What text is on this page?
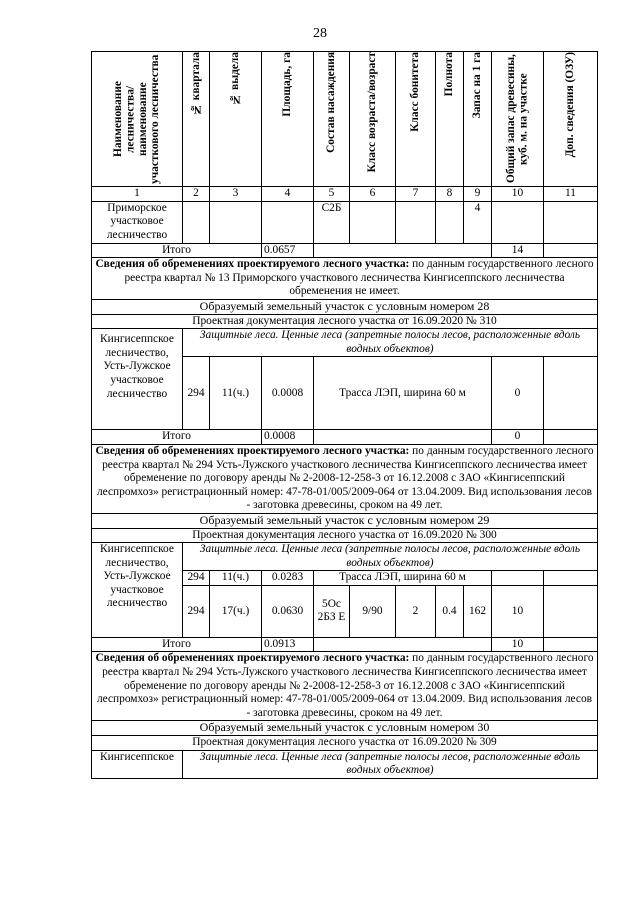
28
Наименование лесничества/ наименование участкового лесничества	№ квартала	№ выдела	Площадь, га	Состав насаждения	Класс возраста/возраст	Класс бонитета	Полнота	Запас на 1 га	Общий запас древесины, куб. м. на участке	Доп. сведения (ОЗУ)

1	2	3	4	5	6	7	8	9	10	11
Приморское участковое лесничество				С2Б				4		
Итого			0.0657						14	
Сведения об обременениях проектируемого лесного участка: по данным государственного лесного реестра квартал № 13 Приморского участкового лесничества Кингисеппского лесничества обременения не имеет.										
Образуемый земельный участок с условным номером 28										
Проектная документация лесного участка от 16.09.2020 № 310										
Кингисеппское лесничество, Усть-Лужское участковое лесничество	Защитные леса. Ценные леса (запретные полосы лесов, расположенные вдоль водных объектов)									
	294	11(ч.)	0.0008	Трасса ЛЭП, ширина 60 м					0	
Итого			0.0008						0	
Сведения об обременениях проектируемого лесного участка: по данным государственного лесного реестра квартал № 294 Усть-Лужского участкового лесничества Кингисеппского лесничества имеет обременение по договору аренды № 2-2008-12-258-3 от 16.12.2008 с ЗАО «Кингисеппский леспромхоз» регистрационный номер: 47-78-01/005/2009-064 от 13.04.2009. Вид использования лесов - заготовка древесины, сроком на 49 лет.										
Образуемый земельный участок с условным номером 29										
Проектная документация лесного участка от 16.09.2020 № 300										
Кингисеппское лесничество, Усть-Лужское участковое лесничество	Защитные леса. Ценные леса (запретные полосы лесов, расположенные вдоль водных объектов)									
	294	11(ч.)	0.0283	Трасса ЛЭП, ширина 60 м						
	294	17(ч.)	0.0630	5Ос 2БЗ Е	9/90	2	0.4	162	10	
Итого			0.0913						10	
Сведения об обременениях проектируемого лесного участка: по данным государственного лесного реестра квартал № 294 Усть-Лужского участкового лесничества Кингисеппского лесничества имеет обременение по договору аренды № 2-2008-12-258-3 от 16.12.2008 с ЗАО «Кингисеппский леспромхоз» регистрационный номер: 47-78-01/005/2009-064 от 13.04.2009. Вид использования лесов - заготовка древесины, сроком на 49 лет.										
Образуемый земельный участок с условным номером 30										
Проектная документация лесного участка от 16.09.2020 № 309										
Кингисеппское	Защитные леса. Ценные леса (запретные полосы лесов, расположенные вдоль водных объектов)									
